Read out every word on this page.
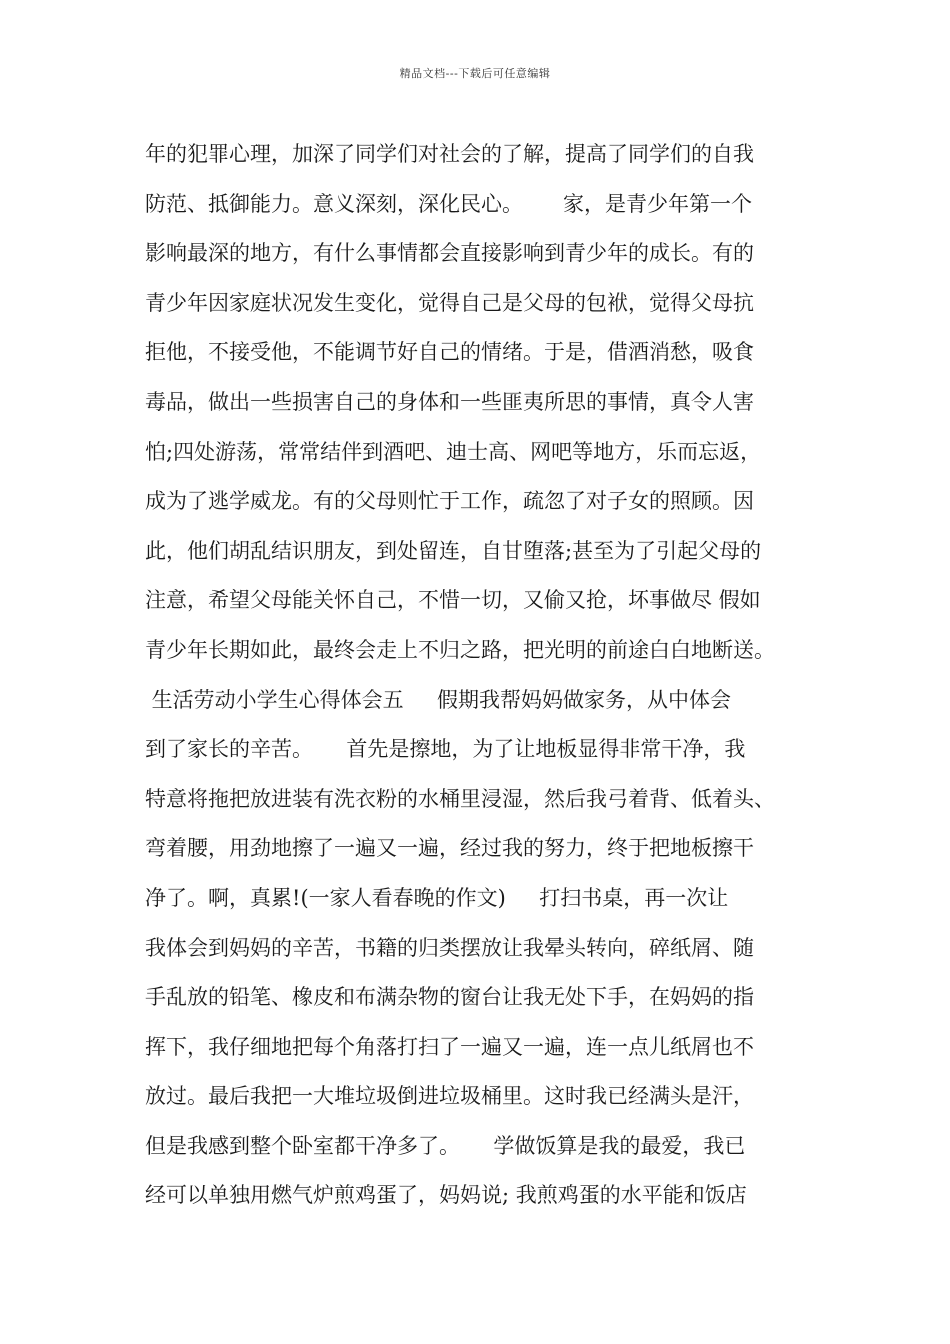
精品文档---下载后可任意编辑
年的犯罪心理，加深了同学们对社会的了解，提高了同学们的自我
防范、抵御能力。意义深刻，深化民心。      家，是青少年第一个
影响最深的地方，有什么事情都会直接影响到青少年的成长。有的
青少年因家庭状况发生变化，觉得自己是父母的包袱，觉得父母抗
拒他，不接受他，不能调节好自己的情绪。于是，借酒消愁，吸食
毒品，做出一些损害自己的身体和一些匪夷所思的事情，真令人害
怕;四处游荡，常常结伴到酒吧、迪士高、网吧等地方，乐而忘返，
成为了逃学威龙。有的父母则忙于工作，疏忽了对子女的照顾。因
此，他们胡乱结识朋友，到处留连，自甘堕落;甚至为了引起父母的
注意，希望父母能关怀自己，不惜一切，又偷又抢，坏事做尽 假如
青少年长期如此，最终会走上不归之路，把光明的前途白白地断送。
生活劳动小学生心得体会五     假期我帮妈妈做家务，从中体会
到了家长的辛苦。     首先是擦地，为了让地板显得非常干净，我
特意将拖把放进装有洗衣粉的水桶里浸湿，然后我弓着背、低着头、
弯着腰，用劲地擦了一遍又一遍，经过我的努力，终于把地板擦干
净了。啊，真累!(一家人看春晚的作文)     打扫书桌，再一次让
我体会到妈妈的辛苦，书籍的归类摆放让我晕头转向，碎纸屑、随
手乱放的铅笔、橡皮和布满杂物的窗台让我无处下手，在妈妈的指
挥下，我仔细地把每个角落打扫了一遍又一遍，连一点儿纸屑也不
放过。最后我把一大堆垃圾倒进垃圾桶里。这时我已经满头是汗，
但是我感到整个卧室都干净多了。     学做饭算是我的最爱，我已
经可以单独用燃气炉煎鸡蛋了，妈妈说; 我煎鸡蛋的水平能和饭店
